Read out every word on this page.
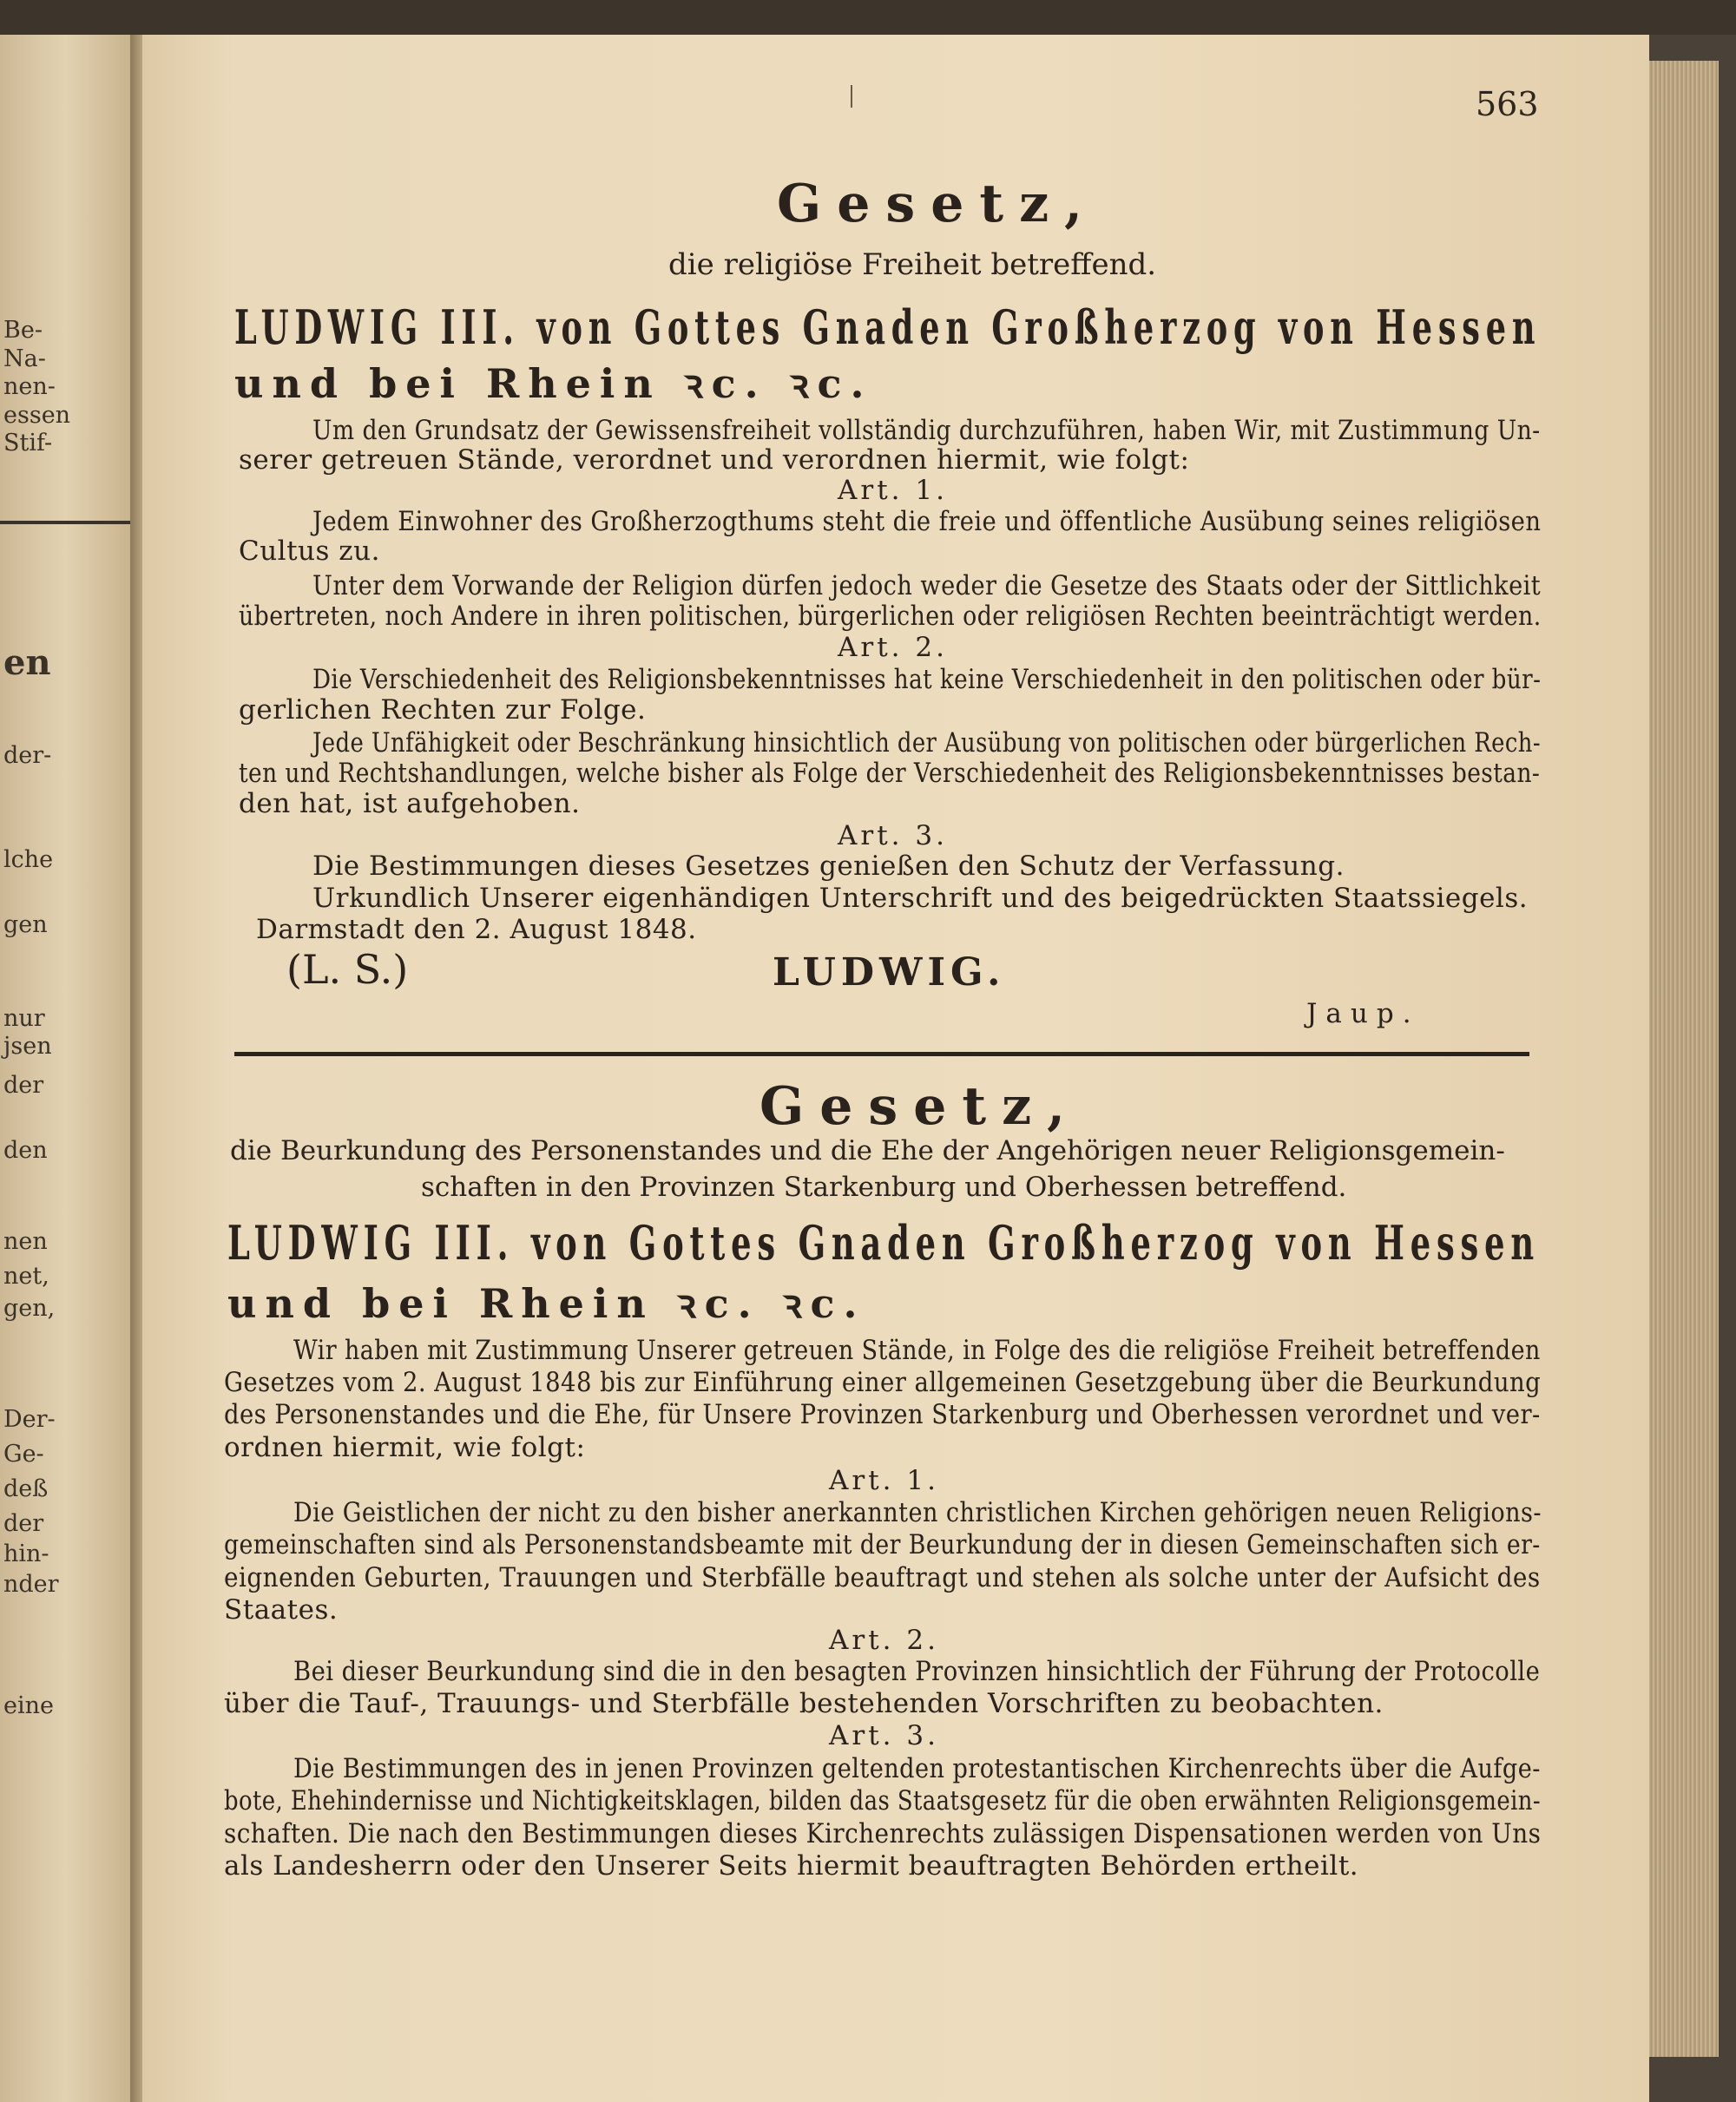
Be-
Na-
nen-
essen
Stif-
en
der-
lche
gen
nur
jsen
der
den
nen
net,
gen,
Der-
Ge-
deß
der
hin-
nder
eine
563
Gesetz,
die religiöse Freiheit betreffend.
LUDWIG III. von Gottes Gnaden Großherzog von Hessen
und bei Rhein ꝛc. ꝛc.
Um den Grundsatz der Gewissensfreiheit vollständig durchzuführen, haben Wir, mit Zustimmung Un-
serer getreuen Stände, verordnet und verordnen hiermit, wie folgt:
Art. 1.
Jedem Einwohner des Großherzogthums steht die freie und öffentliche Ausübung seines religiösen
Cultus zu.
Unter dem Vorwande der Religion dürfen jedoch weder die Gesetze des Staats oder der Sittlichkeit
übertreten, noch Andere in ihren politischen, bürgerlichen oder religiösen Rechten beeinträchtigt werden.
Art. 2.
Die Verschiedenheit des Religionsbekenntnisses hat keine Verschiedenheit in den politischen oder bür-
gerlichen Rechten zur Folge.
Jede Unfähigkeit oder Beschränkung hinsichtlich der Ausübung von politischen oder bürgerlichen Rech-
ten und Rechtshandlungen, welche bisher als Folge der Verschiedenheit des Religionsbekenntnisses bestan-
den hat, ist aufgehoben.
Art. 3.
Die Bestimmungen dieses Gesetzes genießen den Schutz der Verfassung.
Urkundlich Unserer eigenhändigen Unterschrift und des beigedrückten Staatssiegels.
Darmstadt den 2. August 1848.
(L. S.)	LUDWIG.
Jaup.
Gesetz,
die Beurkundung des Personenstandes und die Ehe der Angehörigen neuer Religionsgemein-
schaften in den Provinzen Starkenburg und Oberhessen betreffend.
LUDWIG III. von Gottes Gnaden Großherzog von Hessen
und bei Rhein ꝛc. ꝛc.
Wir haben mit Zustimmung Unserer getreuen Stände, in Folge des die religiöse Freiheit betreffenden
Gesetzes vom 2. August 1848 bis zur Einführung einer allgemeinen Gesetzgebung über die Beurkundung
des Personenstandes und die Ehe, für Unsere Provinzen Starkenburg und Oberhessen verordnet und ver-
ordnen hiermit, wie folgt:
Art. 1.
Die Geistlichen der nicht zu den bisher anerkannten christlichen Kirchen gehörigen neuen Religions-
gemeinschaften sind als Personenstandsbeamte mit der Beurkundung der in diesen Gemeinschaften sich er-
eignenden Geburten, Trauungen und Sterbfälle beauftragt und stehen als solche unter der Aufsicht des
Staates.
Art. 2.
Bei dieser Beurkundung sind die in den besagten Provinzen hinsichtlich der Führung der Protocolle
über die Tauf-, Trauungs- und Sterbfälle bestehenden Vorschriften zu beobachten.
Art. 3.
Die Bestimmungen des in jenen Provinzen geltenden protestantischen Kirchenrechts über die Aufge-
bote, Ehehindernisse und Nichtigkeitsklagen, bilden das Staatsgesetz für die oben erwähnten Religionsgemein-
schaften. Die nach den Bestimmungen dieses Kirchenrechts zulässigen Dispensationen werden von Uns
als Landesherrn oder den Unserer Seits hiermit beauftragten Behörden ertheilt.
